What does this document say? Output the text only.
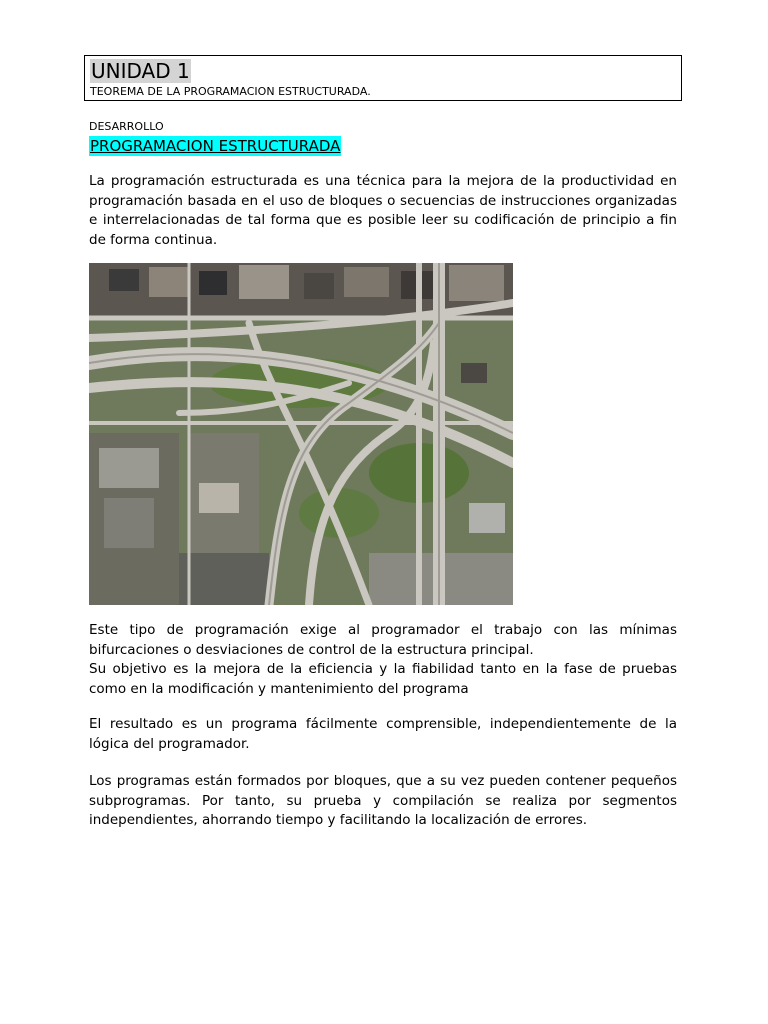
UNIDAD 1
TEOREMA DE LA PROGRAMACION ESTRUCTURADA.
DESARROLLO
PROGRAMACION ESTRUCTURADA

La programación estructurada es una técnica para la mejora de la productividad en programación basada en el uso de bloques o secuencias de instrucciones organizadas e interrelacionadas de tal forma que es posible leer su codificación de principio a fin de forma continua.

Este tipo de programación exige al programador el trabajo con las mínimas bifurcaciones o desviaciones de control de la estructura principal.
Su objetivo es la mejora de la eficiencia y la fiabilidad tanto en la fase de pruebas como en la modificación y mantenimiento del programa

El resultado es un programa fácilmente comprensible, independientemente de la lógica del programador.

Los programas están formados por bloques, que a su vez pueden contener pequeños subprogramas. Por tanto, su prueba y compilación se realiza por segmentos independientes, ahorrando tiempo y facilitando la localización de errores.
